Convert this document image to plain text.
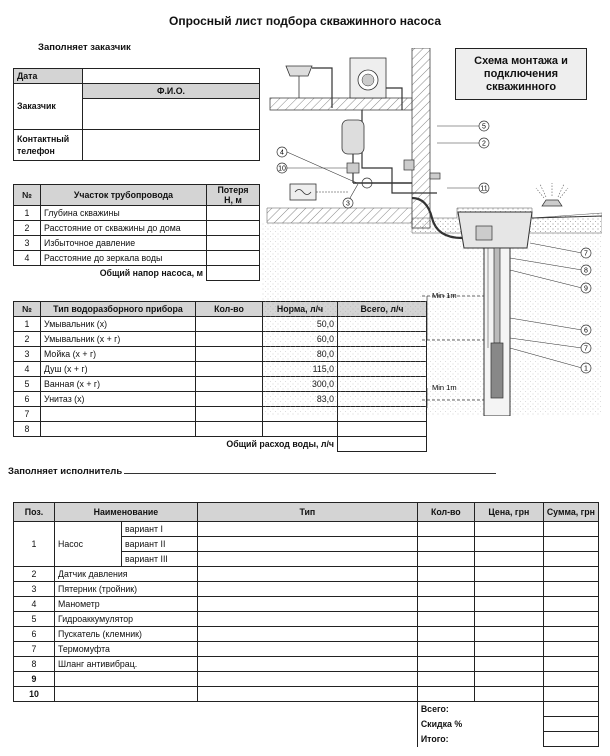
Опросный лист подбора скважинного насоса
Заполняет заказчик
Дата	
Заказчик	Ф.И.О.

Контактный
телефон	
№	Участок трубопровода	Потеря
Н, м
1	Глубина скважины	
2	Расстояние от скважины до дома	
3	Избыточное давление	
4	Расстояние до зеркала воды	
	Общий напор насоса, м	
№	Тип водоразборного прибора	Кол-во	Норма, л/ч	Всего, л/ч
1	Умывальник (х)		50,0	
2	Умывальник (х + г)		60,0	
3	Мойка (х + г)		80,0	
4	Душ (х + г)		115,0	
5	Ванная (х + г)		300,0	
6	Унитаз (х)		83,0	
7				
8				
		Общий расход воды, л/ч		
Схема монтажа и
подключения
скважинного
Min 1m
Min 1m
5
2
4
10
3
11
7
8
9
6
7
1
Заполняет исполнитель
Поз.	Наименование		Тип	Кол-во	Цена, грн	Сумма, грн
1	Насос	вариант I				
		вариант II				
		вариант III				
2	Датчик давления					
3	Пятерник (тройник)					
4	Манометр					
5	Гидроаккумулятор					
6	Пускатель (клемник)					
7	Термомуфта					
8	Шланг антивибрац.					
9						
10						
				Всего:		
				Скидка %		
				Итого:		
